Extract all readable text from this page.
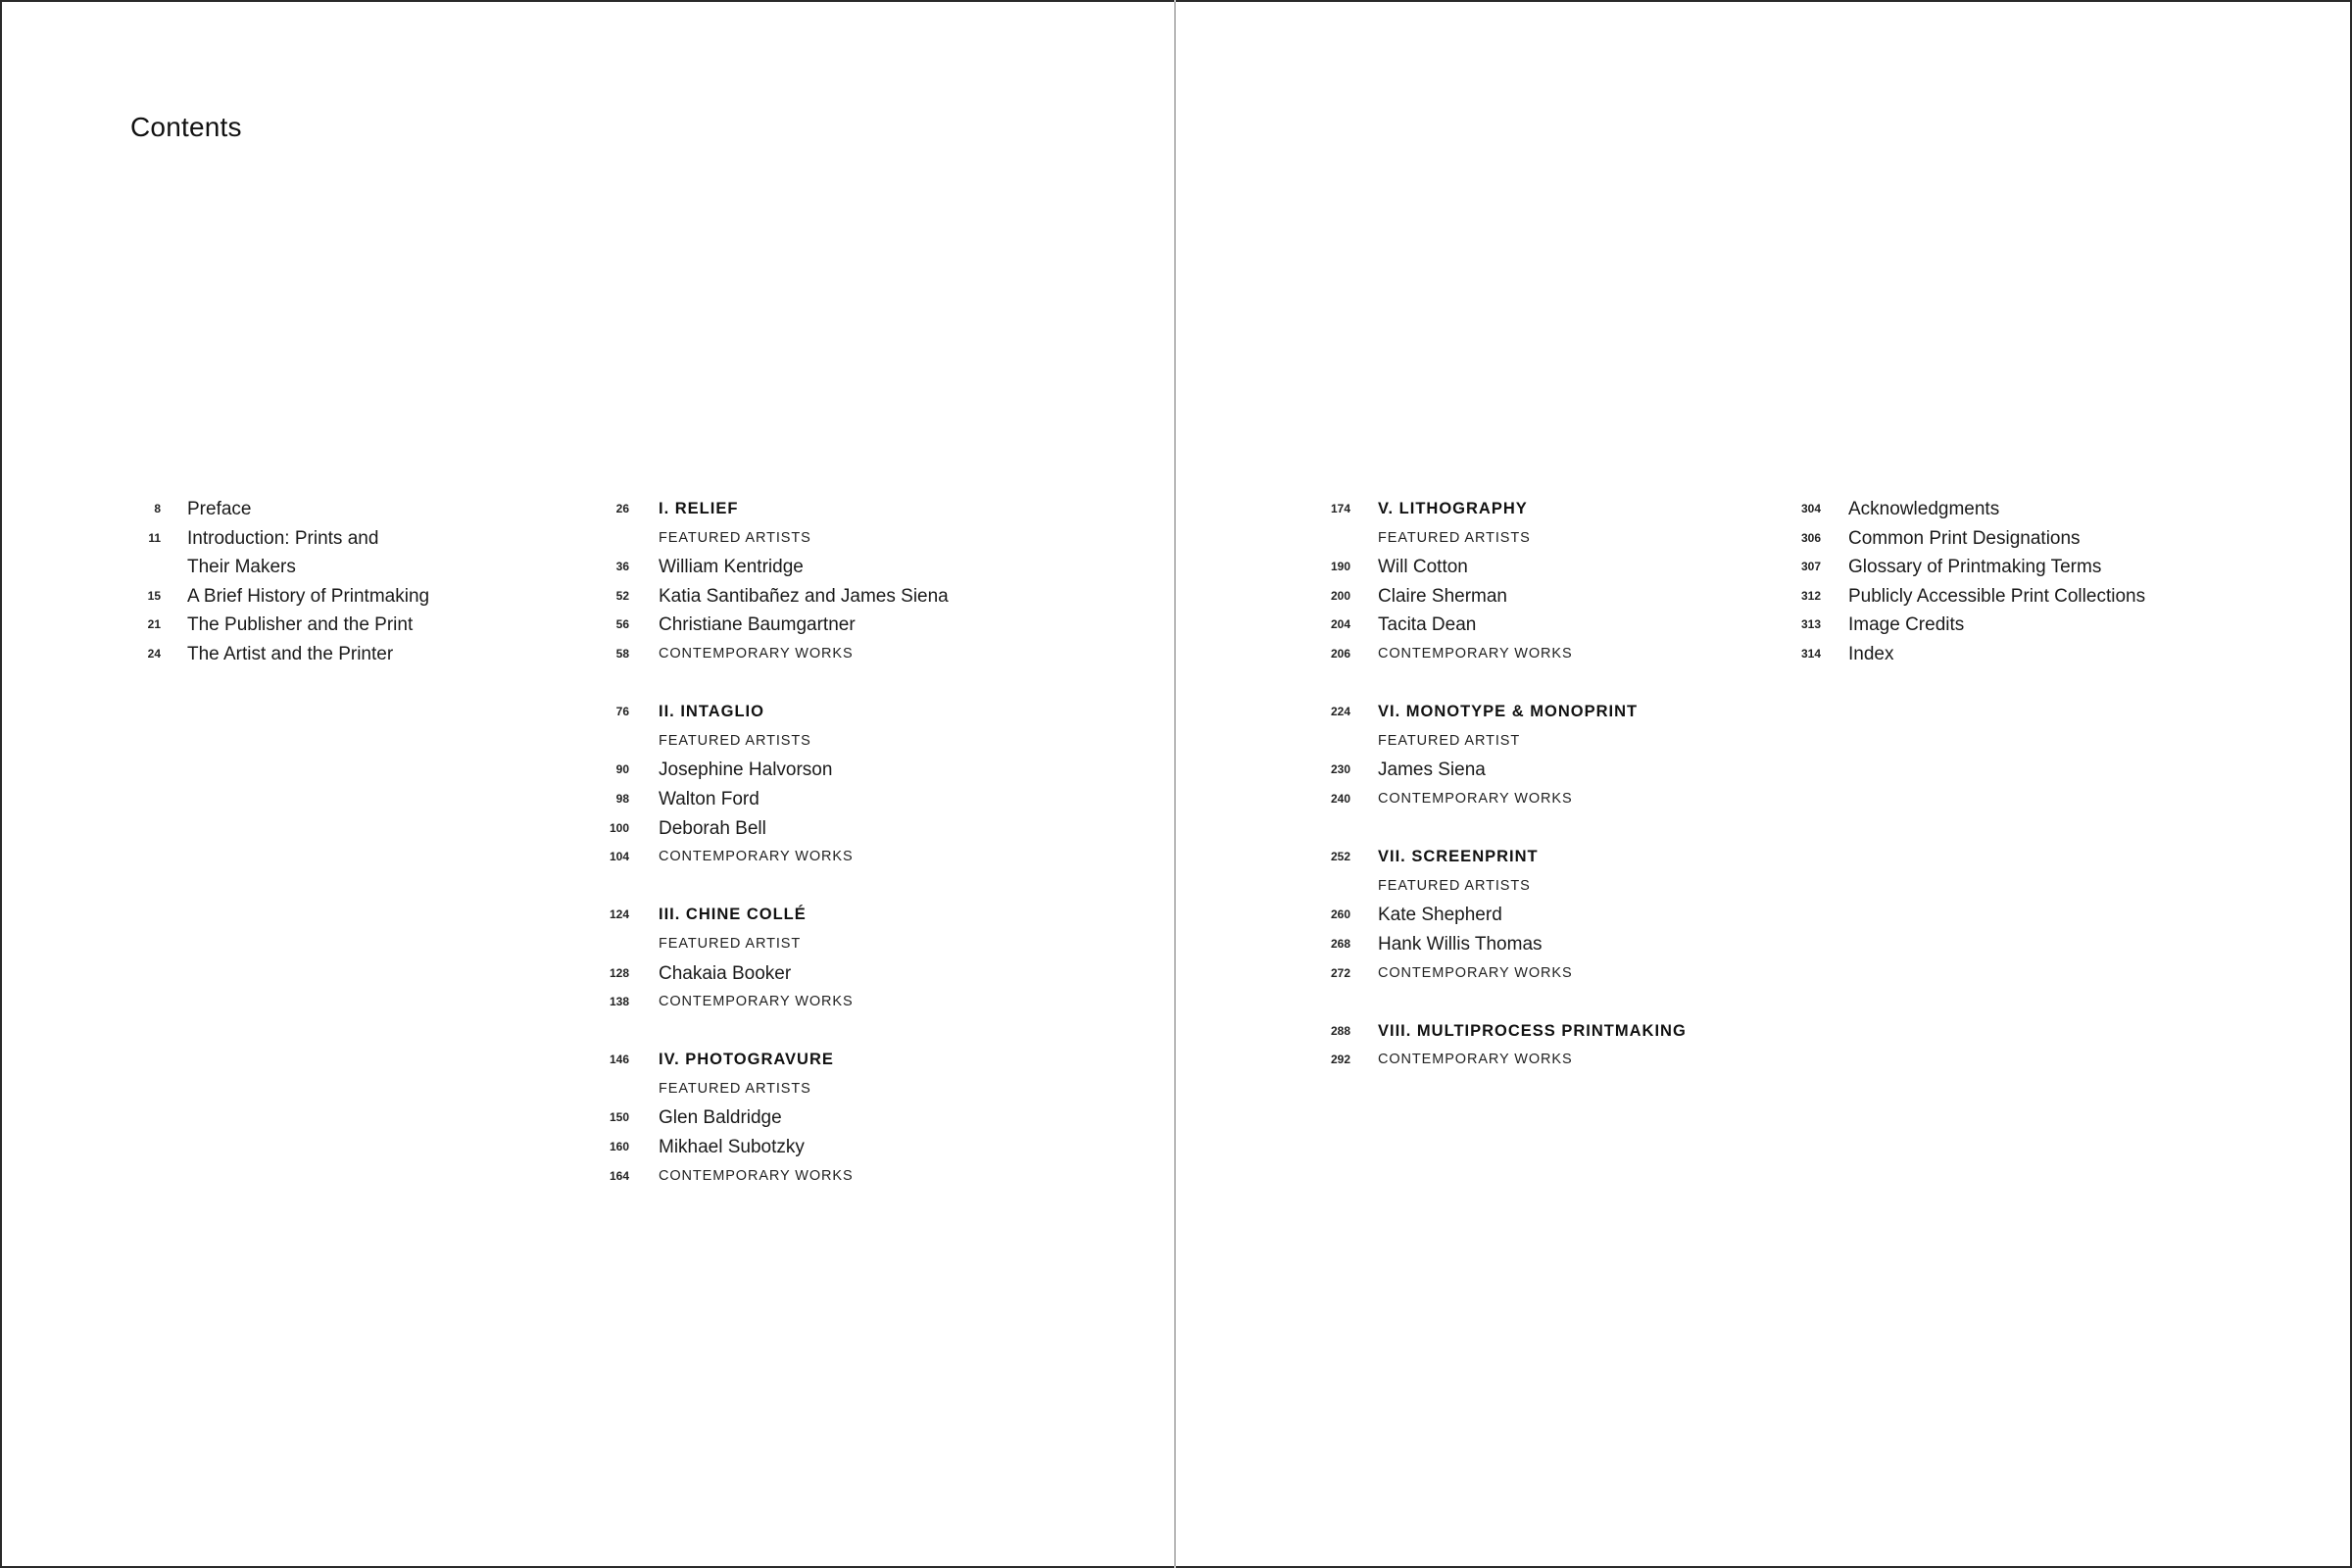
Contents
8 Preface
11 Introduction: Prints and
Their Makers
15 A Brief History of Printmaking
21 The Publisher and the Print
24 The Artist and the Printer
26 I. RELIEF
FEATURED ARTISTS
36 William Kentridge
52 Katia Santibañez and James Siena
56 Christiane Baumgartner
58 CONTEMPORARY WORKS
76 II. INTAGLIO
FEATURED ARTISTS
90 Josephine Halvorson
98 Walton Ford
100 Deborah Bell
104 CONTEMPORARY WORKS
124 III. CHINE COLLÉ
FEATURED ARTIST
128 Chakaia Booker
138 CONTEMPORARY WORKS
146 IV. PHOTOGRAVURE
FEATURED ARTISTS
150 Glen Baldridge
160 Mikhael Subotzky
164 CONTEMPORARY WORKS
174 V. LITHOGRAPHY
FEATURED ARTISTS
190 Will Cotton
200 Claire Sherman
204 Tacita Dean
206 CONTEMPORARY WORKS
224 VI. MONOTYPE & MONOPRINT
FEATURED ARTIST
230 James Siena
240 CONTEMPORARY WORKS
252 VII. SCREENPRINT
FEATURED ARTISTS
260 Kate Shepherd
268 Hank Willis Thomas
272 CONTEMPORARY WORKS
288 VIII. MULTIPROCESS PRINTMAKING
292 CONTEMPORARY WORKS
304 Acknowledgments
306 Common Print Designations
307 Glossary of Printmaking Terms
312 Publicly Accessible Print Collections
313 Image Credits
314 Index
